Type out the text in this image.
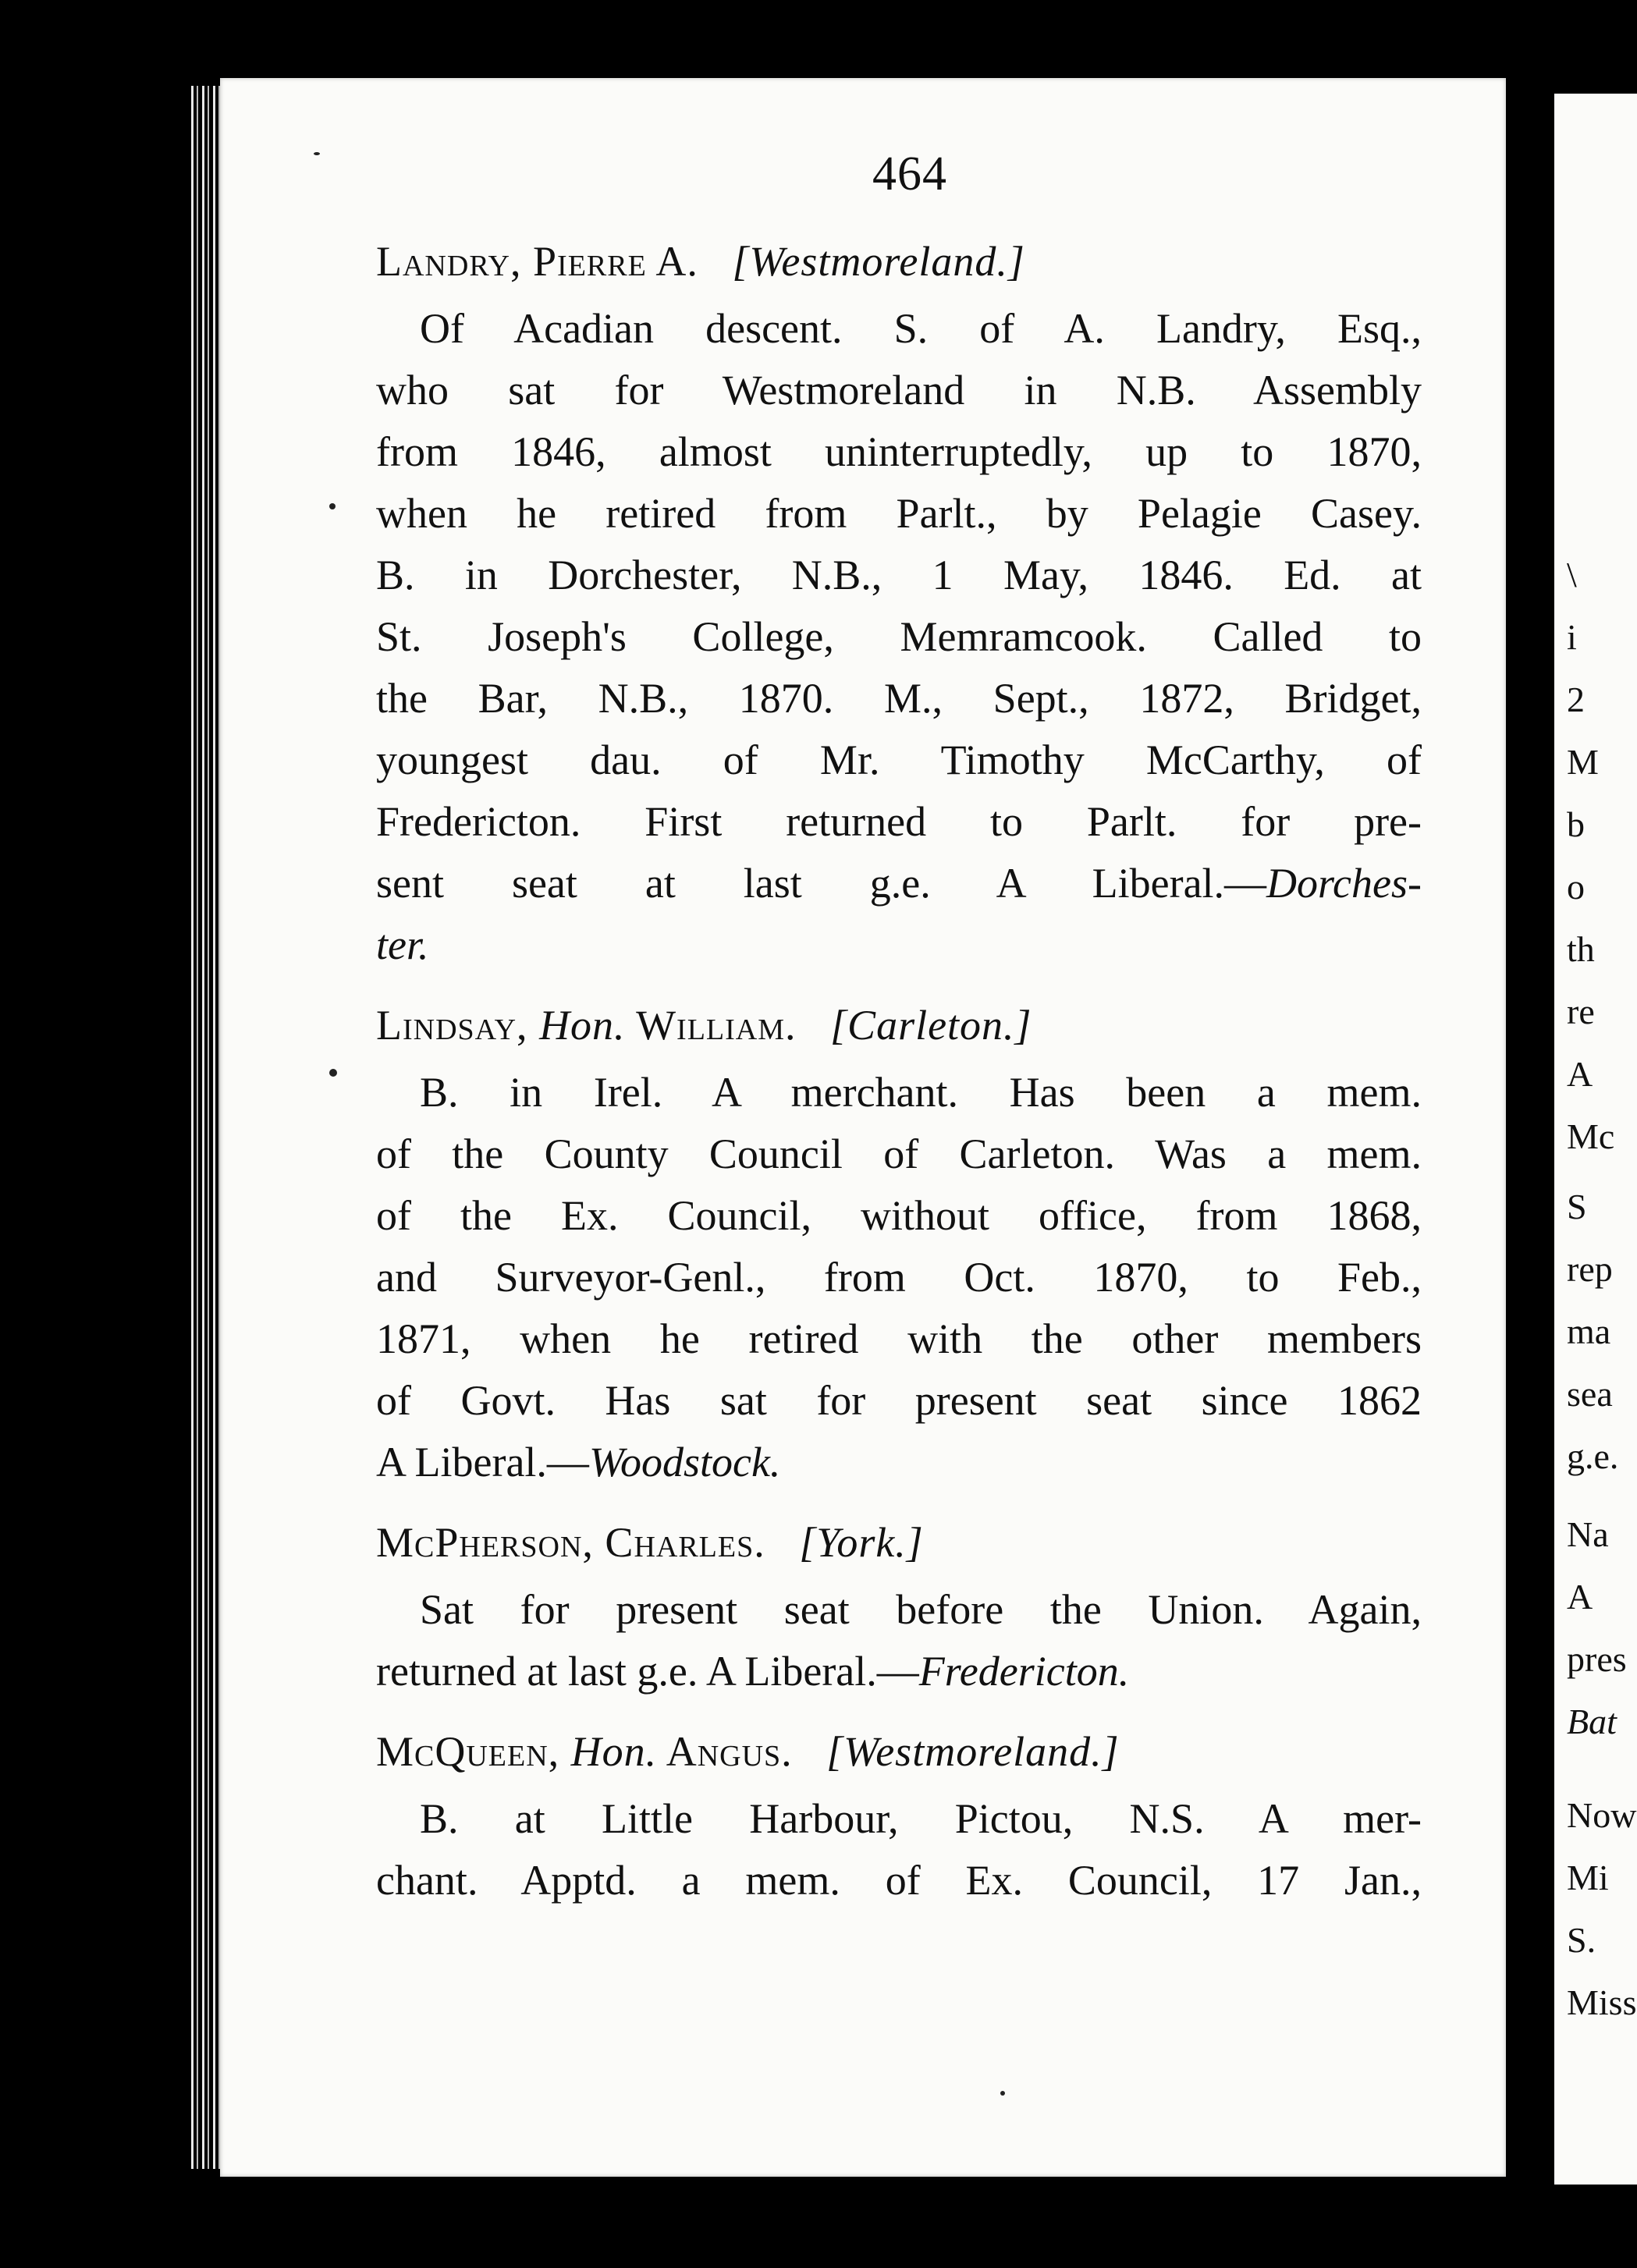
\
i
2
M
b
o
th
re
A
Mc
S
rep
ma
sea
g.e.
Na
A
pres
Bat
Now
Mi
S.
Miss
464
Landry, Pierre A. [Westmoreland.]
Of Acadian descent. S. of A. Landry, Esq.,
who sat for Westmoreland in N.B. Assembly
from 1846, almost uninterruptedly, up to 1870,
when he retired from Parlt., by Pelagie Casey.
B. in Dorchester, N.B., 1 May, 1846. Ed. at
St. Joseph's College, Memramcook. Called to
the Bar, N.B., 1870. M., Sept., 1872, Bridget,
youngest dau. of Mr. Timothy McCarthy, of
Fredericton. First returned to Parlt. for pre-
sent seat at last g.e. A Liberal.—Dorches-
ter.
Lindsay, Hon. William. [Carleton.]
B. in Irel. A merchant. Has been a mem.
of the County Council of Carleton. Was a mem.
of the Ex. Council, without office, from 1868,
and Surveyor-Genl., from Oct. 1870, to Feb.,
1871, when he retired with the other members
of Govt. Has sat for present seat since 1862
A Liberal.—Woodstock.
McPherson, Charles. [York.]
Sat for present seat before the Union. Again,
returned at last g.e. A Liberal.—Fredericton.
McQueen, Hon. Angus. [Westmoreland.]
B. at Little Harbour, Pictou, N.S. A mer-
chant. Apptd. a mem. of Ex. Council, 17 Jan.,
